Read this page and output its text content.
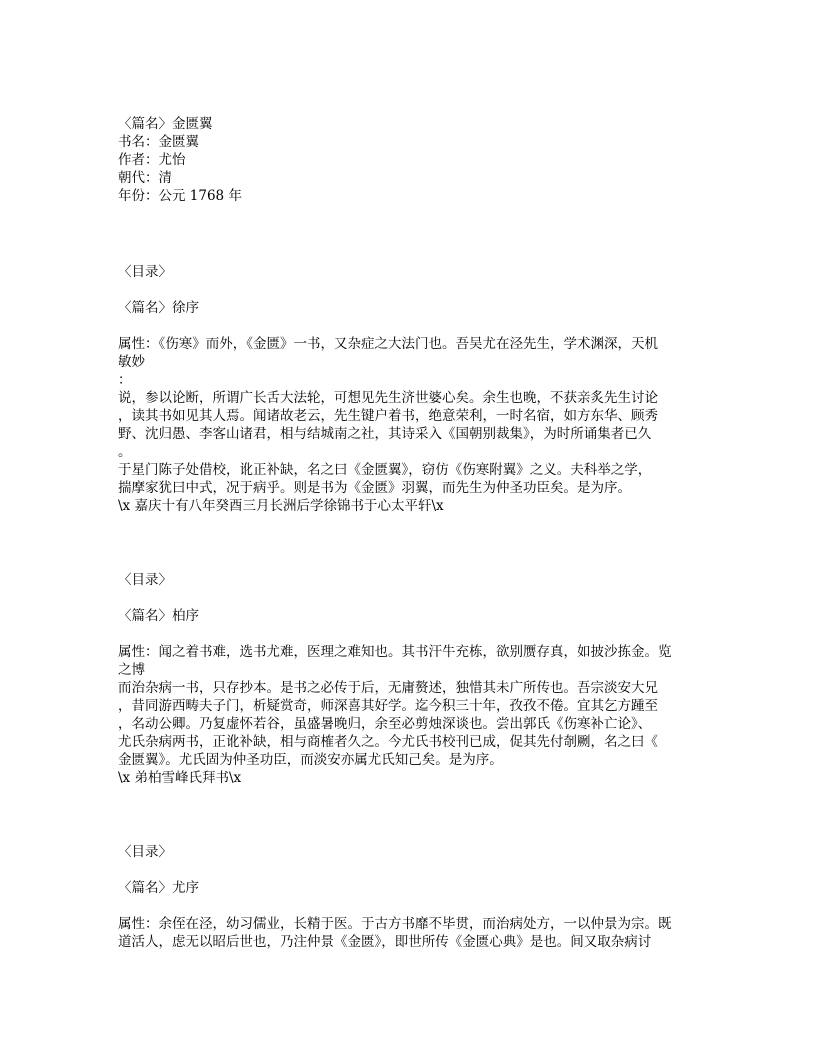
〈篇名〉金匮翼
书名：金匮翼
作者：尤怡
朝代：清
年份：公元 1768 年
〈目录〉
〈篇名〉徐序
属性：《伤寒》而外，《金匮》一书，又杂症之大法门也。吾吴尤在泾先生，学术渊深，天机
敏妙
：
说，参以论断，所谓广长舌大法轮，可想见先生济世婆心矣。余生也晚，不获亲炙先生讨论
，读其书如见其人焉。闻诸故老云，先生键户着书，绝意荣利，一时名宿，如方东华、顾秀
野、沈归愚、李客山诸君，相与结城南之社，其诗采入《国朝别裁集》，为时所诵集者已久
。
于星门陈子处借校，讹正补缺，名之曰《金匮翼》，窃仿《伤寒附翼》之义。夫科举之学，
揣摩家犹曰中式，况于病乎。则是书为《金匮》羽翼，而先生为仲圣功臣矣。是为序。
\x 嘉庆十有八年癸酉三月长洲后学徐锦书于心太平轩\x
〈目录〉
〈篇名〉柏序
属性：闻之着书难，选书尤难，医理之难知也。其书汗牛充栋，欲别赝存真，如披沙拣金。览
之博
而治杂病一书，只存抄本。是书之必传于后，无庸赘述，独惜其未广所传也。吾宗淡安大兄
，昔同游西畴夫子门，析疑赏奇，师深喜其好学。迄今积三十年，孜孜不倦。宜其乞方踵至
，名动公卿。乃复虚怀若谷，虽盛暑晚归，余至必剪烛深谈也。尝出郭氏《伤寒补亡论》、
尤氏杂病两书，正讹补缺，相与商榷者久之。今尤氏书校刊已成，促其先付剞劂，名之曰《
金匮翼》。尤氏固为仲圣功臣，而淡安亦属尤氏知己矣。是为序。
\x 弟柏雪峰氏拜书\x
〈目录〉
〈篇名〉尤序
属性：余侄在泾，幼习儒业，长精于医。于古方书靡不毕贯，而治病处方，一以仲景为宗。既
道活人，虑无以昭后世也，乃注仲景《金匮》，即世所传《金匮心典》是也。间又取杂病讨
